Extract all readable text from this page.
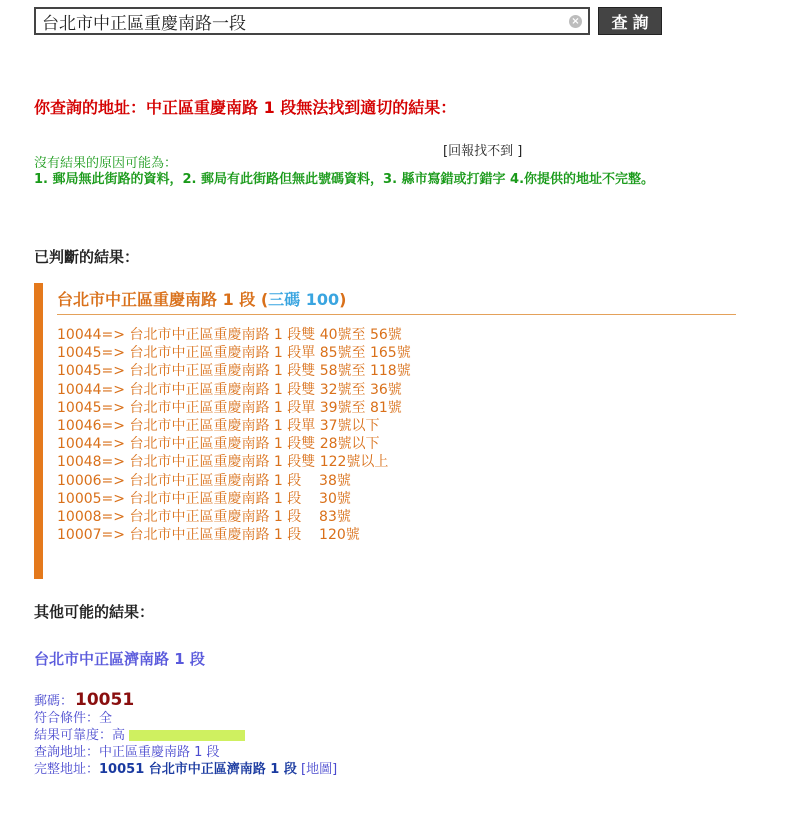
台北市中正區重慶南路一段
×	查詢
你查詢的地址：中正區重慶南路 1 段無法找到適切的結果：
[回報找不到 ]
沒有結果的原因可能為：
1. 郵局無此街路的資料，2. 郵局有此街路但無此號碼資料，3. 縣市寫錯或打錯字 4.你提供的地址不完整。
已判斷的結果：
台北市中正區重慶南路 1 段 (三碼 100)
10044=> 台北市中正區重慶南路 1 段雙 40號至 56號
10045=> 台北市中正區重慶南路 1 段單 85號至 165號
10045=> 台北市中正區重慶南路 1 段雙 58號至 118號
10044=> 台北市中正區重慶南路 1 段雙 32號至 36號
10045=> 台北市中正區重慶南路 1 段單 39號至 81號
10046=> 台北市中正區重慶南路 1 段單 37號以下
10044=> 台北市中正區重慶南路 1 段雙 28號以下
10048=> 台北市中正區重慶南路 1 段雙 122號以上
10006=> 台北市中正區重慶南路 1 段    38號
10005=> 台北市中正區重慶南路 1 段    30號
10008=> 台北市中正區重慶南路 1 段    83號
10007=> 台北市中正區重慶南路 1 段    120號
其他可能的結果：
台北市中正區濟南路 1 段
郵碼： 10051
符合條件：全
結果可靠度：高
查詢地址：中正區重慶南路 1 段
完整地址：10051 台北市中正區濟南路 1 段 [地圖]
